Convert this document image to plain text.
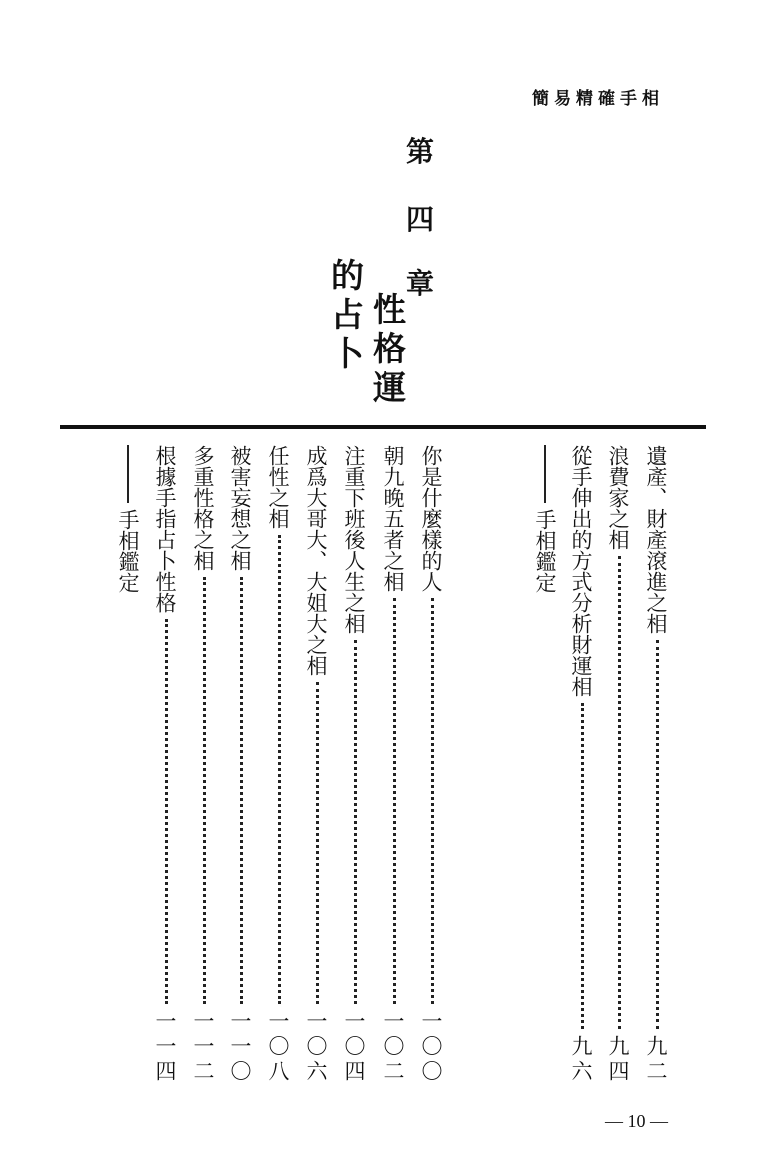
簡易精確手相
第
四
章
性格運
的占卜
遺產、財產滾進之相
九二
浪費家之相
九四
從手伸出的方式分析財運相
九六
手相鑑定
你是什麼樣的人
一〇〇
朝九晚五者之相
一〇二
注重下班後人生之相
一〇四
成爲大哥大、大姐大之相
一〇六
任性之相
一〇八
被害妄想之相
一一〇
多重性格之相
一一二
根據手指占卜性格
一一四
手相鑑定
— 10 —
